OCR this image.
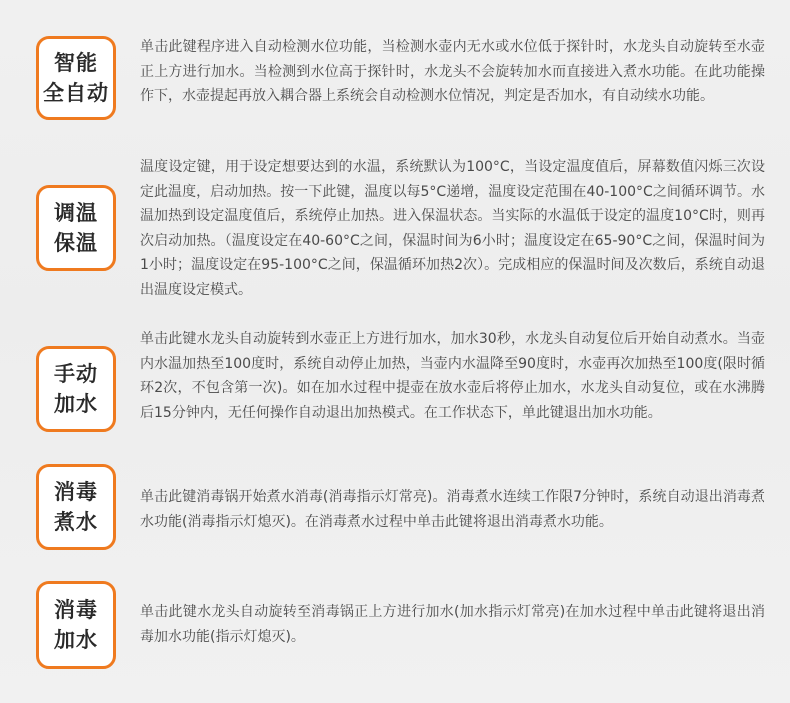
智能
全自动

单击此键程序进入自动检测水位功能，当检测水壶内无水或水位低于探针时，水龙头自动旋转至水壶正上方进行加水。当检测到水位高于探针时，水龙头不会旋转加水而直接进入煮水功能。在此功能操作下，水壶提起再放入耦合器上系统会自动检测水位情况，判定是否加水，有自动续水功能。

调温
保温

温度设定键，用于设定想要达到的水温，系统默认为100°C，当设定温度值后，屏幕数值闪烁三次设定此温度，启动加热。按一下此键，温度以每5°C递增，温度设定范围在40-100°C之间循环调节。水温加热到设定温度值后，系统停止加热。进入保温状态。当实际的水温低于设定的温度10°C时，则再次启动加热。（温度设定在40-60°C之间，保温时间为6小时；温度设定在65-90°C之间，保温时间为1小时；温度设定在95-100°C之间，保温循环加热2次）。完成相应的保温时间及次数后，系统自动退出温度设定模式。

手动
加水

单击此键水龙头自动旋转到水壶正上方进行加水，加水30秒，水龙头自动复位后开始自动煮水。当壶内水温加热至100度时，系统自动停止加热，当壶内水温降至90度时，水壶再次加热至100度(限时循环2次，不包含第一次)。如在加水过程中提壶在放水壶后将停止加水，水龙头自动复位，或在水沸腾后15分钟内，无任何操作自动退出加热模式。在工作状态下，单此键退出加水功能。

消毒
煮水

单击此键消毒锅开始煮水消毒(消毒指示灯常亮)。消毒煮水连续工作限7分钟时，系统自动退出消毒煮水功能(消毒指示灯熄灭)。在消毒煮水过程中单击此键将退出消毒煮水功能。

消毒
加水

单击此键水龙头自动旋转至消毒锅正上方进行加水(加水指示灯常亮)在加水过程中单击此键将退出消毒加水功能(指示灯熄灭)。
